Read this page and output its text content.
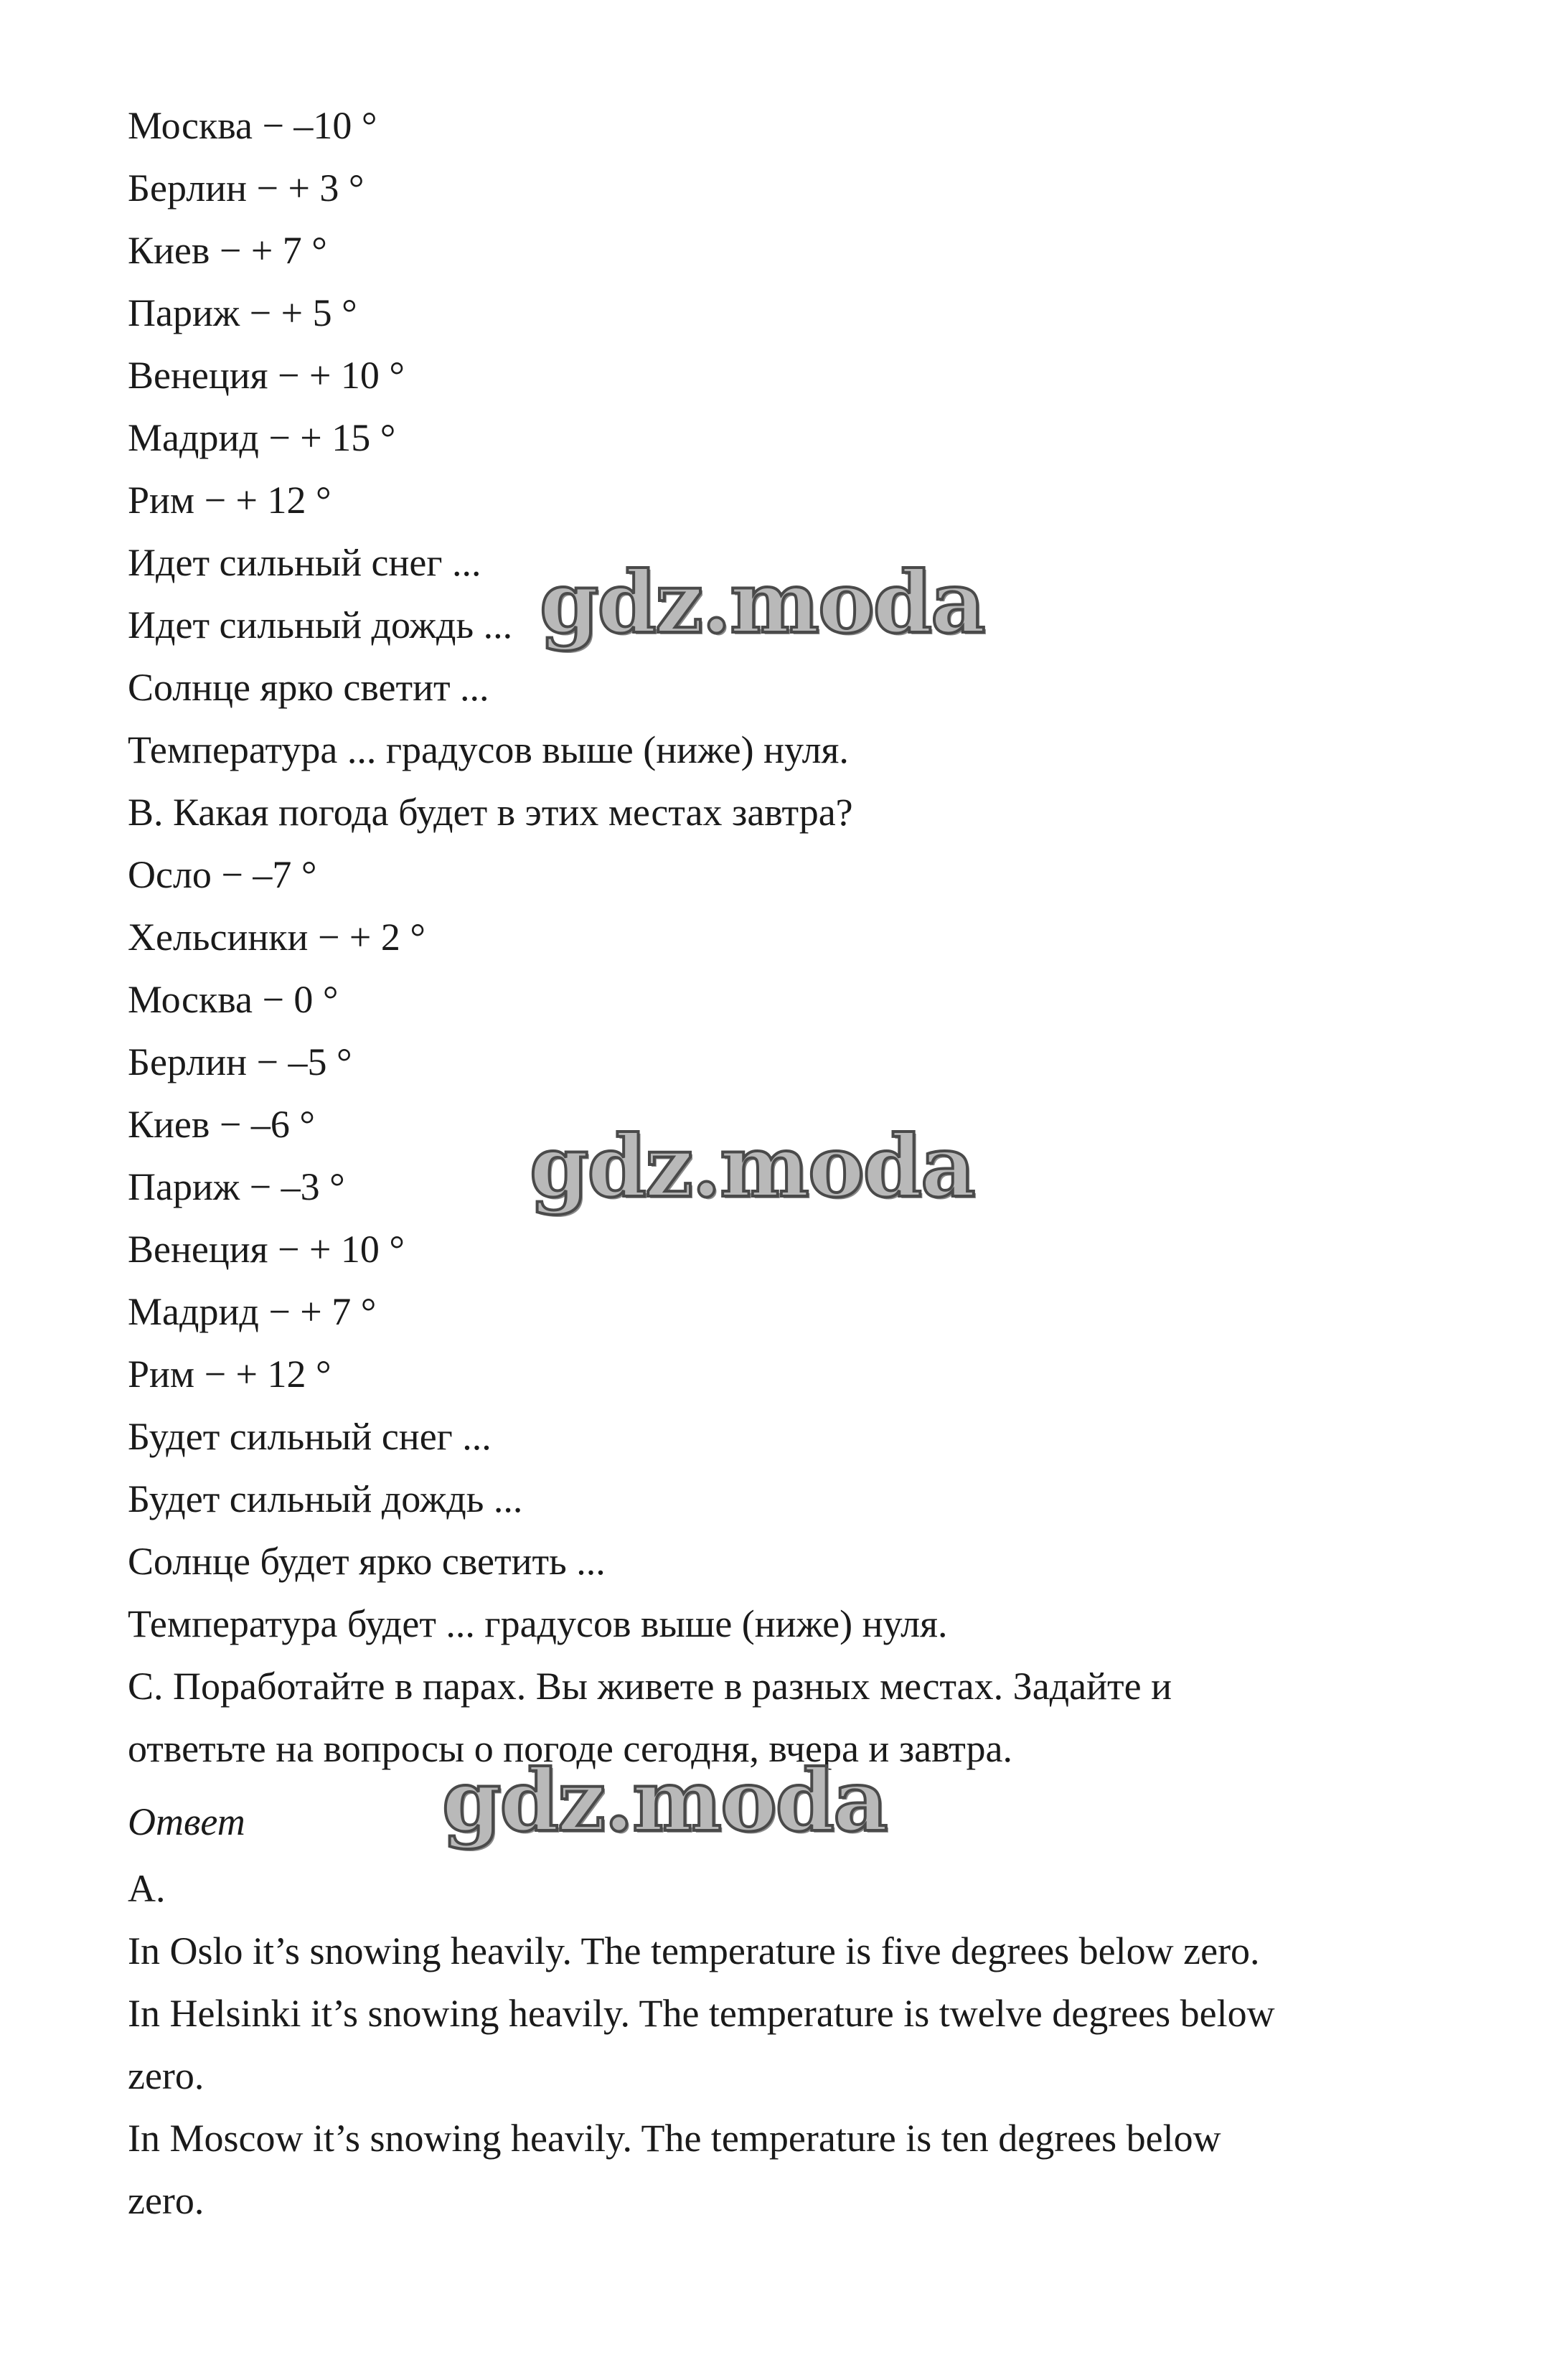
Москва − –10 °
Берлин − + 3 °
Киев − + 7 °
Париж − + 5 °
Венеция − + 10 °
Мадрид − + 15 °
Рим − + 12 °
Идет сильный снег ...
Идет сильный дождь ...
Солнце ярко светит ...
Температура ... градусов выше (ниже) нуля.
B. Какая погода будет в этих местах завтра?
Осло − –7 °
Хельсинки − + 2 °
Москва − 0 °
Берлин − –5 °
Киев − –6 °
Париж − –3 °
Венеция − + 10 °
Мадрид − + 7 °
Рим − + 12 °
Будет сильный снег ...
Будет сильный дождь ...
Солнце будет ярко светить ...
Температура будет ... градусов выше (ниже) нуля.
C. Поработайте в парах. Вы живете в разных местах. Задайте и
ответьте на вопросы о погоде сегодня, вчера и завтра.
Ответ
A.
In Oslo it’s snowing heavily. The temperature is five degrees below zero.
In Helsinki it’s snowing heavily. The temperature is twelve degrees below
zero.
In Moscow it’s snowing heavily. The temperature is ten degrees below
zero.
gdz.moda
gdz.moda
gdz.moda
